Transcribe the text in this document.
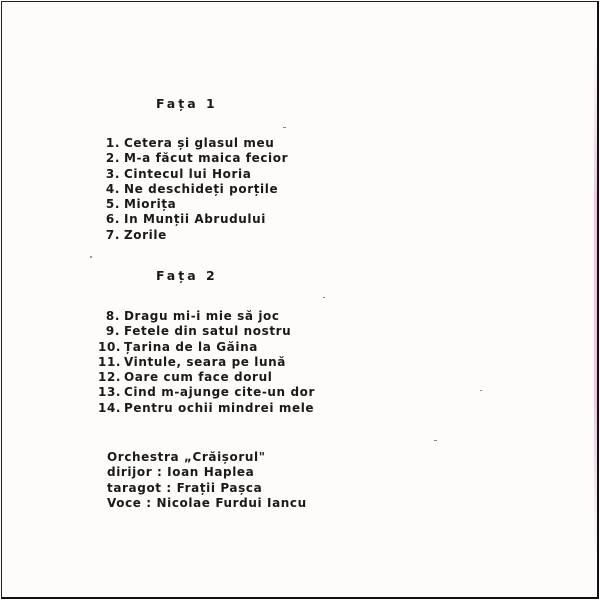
Fața 1
1. Cetera și glasul meu
2. M-a făcut maica fecior
3. Cintecul lui Horia
4. Ne deschideți porțile
5. Miorița
6. In Munții Abrudului
7. Zorile
Fața 2
8. Dragu mi-i mie să joc
9. Fetele din satul nostru
10. Țarina de la Găina
11. Vintule, seara pe lună
12. Oare cum face dorul
13. Cind m-ajunge cite-un dor
14. Pentru ochii mindrei mele
Orchestra „Crăișorul"
dirijor : Ioan Haplea
taragot : Frații Pașca
Voce : Nicolae Furdui Iancu
